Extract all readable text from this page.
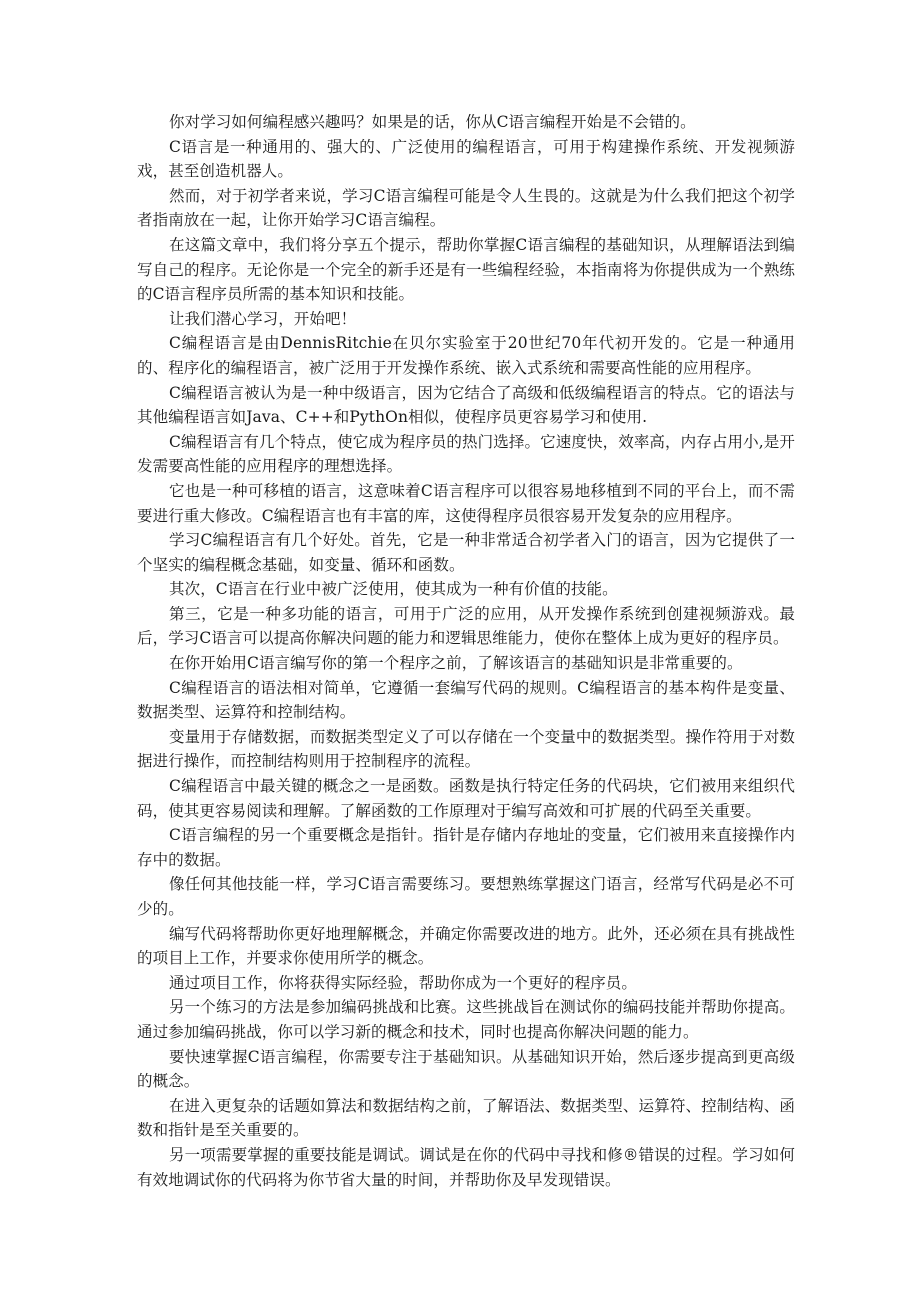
你对学习如何编程感兴趣吗？如果是的话，你从C语言编程开始是不会错的。

C语言是一种通用的、强大的、广泛使用的编程语言，可用于构建操作系统、开发视频游戏，甚至创造机器人。

然而，对于初学者来说，学习C语言编程可能是令人生畏的。这就是为什么我们把这个初学者指南放在一起，让你开始学习C语言编程。

在这篇文章中，我们将分享五个提示，帮助你掌握C语言编程的基础知识，从理解语法到编写自己的程序。无论你是一个完全的新手还是有一些编程经验，本指南将为你提供成为一个熟练的C语言程序员所需的基本知识和技能。

让我们潜心学习，开始吧！

C编程语言是由DennisRitchie在贝尔实验室于20世纪70年代初开发的。它是一种通用的、程序化的编程语言，被广泛用于开发操作系统、嵌入式系统和需要高性能的应用程序。

C编程语言被认为是一种中级语言，因为它结合了高级和低级编程语言的特点。它的语法与其他编程语言如Java、C++和PythOn相似，使程序员更容易学习和使用.

C编程语言有几个特点，使它成为程序员的热门选择。它速度快，效率高，内存占用小,是开发需要高性能的应用程序的理想选择。

它也是一种可移植的语言，这意味着C语言程序可以很容易地移植到不同的平台上，而不需要进行重大修改。C编程语言也有丰富的库，这使得程序员很容易开发复杂的应用程序。

学习C编程语言有几个好处。首先，它是一种非常适合初学者入门的语言，因为它提供了一个坚实的编程概念基础，如变量、循环和函数。

其次，C语言在行业中被广泛使用，使其成为一种有价值的技能。

第三，它是一种多功能的语言，可用于广泛的应用，从开发操作系统到创建视频游戏。最后，学习C语言可以提高你解决问题的能力和逻辑思维能力，使你在整体上成为更好的程序员。

在你开始用C语言编写你的第一个程序之前，了解该语言的基础知识是非常重要的。

C编程语言的语法相对简单，它遵循一套编写代码的规则。C编程语言的基本构件是变量、数据类型、运算符和控制结构。

变量用于存储数据，而数据类型定义了可以存储在一个变量中的数据类型。操作符用于对数据进行操作，而控制结构则用于控制程序的流程。

C编程语言中最关键的概念之一是函数。函数是执行特定任务的代码块，它们被用来组织代码，使其更容易阅读和理解。了解函数的工作原理对于编写高效和可扩展的代码至关重要。

C语言编程的另一个重要概念是指针。指针是存储内存地址的变量，它们被用来直接操作内存中的数据。

像任何其他技能一样，学习C语言需要练习。要想熟练掌握这门语言，经常写代码是必不可少的。

编写代码将帮助你更好地理解概念，并确定你需要改进的地方。此外，还必须在具有挑战性的项目上工作，并要求你使用所学的概念。

通过项目工作，你将获得实际经验，帮助你成为一个更好的程序员。

另一个练习的方法是参加编码挑战和比赛。这些挑战旨在测试你的编码技能并帮助你提高。通过参加编码挑战，你可以学习新的概念和技术，同时也提高你解决问题的能力。

要快速掌握C语言编程，你需要专注于基础知识。从基础知识开始，然后逐步提高到更高级的概念。

在进入更复杂的话题如算法和数据结构之前，了解语法、数据类型、运算符、控制结构、函数和指针是至关重要的。

另一项需要掌握的重要技能是调试。调试是在你的代码中寻找和修®错误的过程。学习如何有效地调试你的代码将为你节省大量的时间，并帮助你及早发现错误。
